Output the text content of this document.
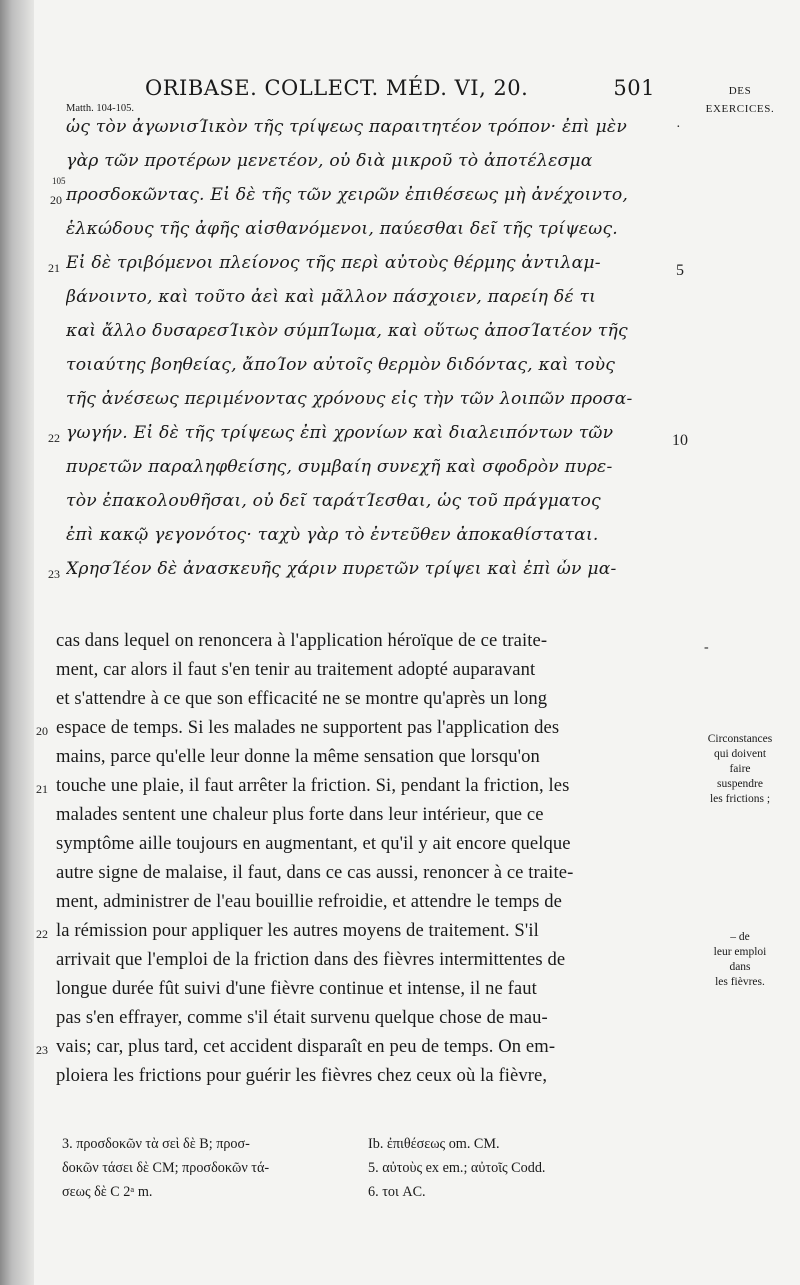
ORIBASE. COLLECT. MÉD. VI, 20.	501
Matth. 104-105.
DES
EXERCICES.
ὡς τὸν ἀγωνισΊικὸν τῆς τρίψεως παραιτητέον τρόπον· ἐπὶ μὲν
γὰρ τῶν προτέρων μενετέον, οὐ διὰ μικροῦ τὸ ἀποτέλεσμα
προσδοκῶντας. Εἰ δὲ τῆς τῶν χειρῶν ἐπιθέσεως μὴ ἀνέχοιντο,
ἑλκώδους τῆς ἀφῆς αἰσθανόμενοι, παύεσθαι δεῖ τῆς τρίψεως.
Εἰ δὲ τριβόμενοι πλείονος τῆς περὶ αὐτοὺς θέρμης ἀντιλαμ-
βάνοιντο, καὶ τοῦτο ἀεὶ καὶ μᾶλλον πάσχοιεν, παρείη δέ τι
καὶ ἄλλο δυσαρεσΊικὸν σύμπΊωμα, καὶ οὕτως ἀποσΊατέον τῆς
τοιαύτης βοηθείας, ἄποΊον αὐτοῖς θερμὸν διδόντας, καὶ τοὺς
τῆς ἀνέσεως περιμένοντας χρόνους εἰς τὴν τῶν λοιπῶν προσα-
γωγήν. Εἰ δὲ τῆς τρίψεως ἐπὶ χρονίων καὶ διαλειπόντων τῶν
πυρετῶν παραληφθείσης, συμβαίη συνεχῆ καὶ σφοδρὸν πυρε-
τὸν ἐπακολουθῆσαι, οὐ δεῖ ταράτΊεσθαι, ὡς τοῦ πράγματος
ἐπὶ κακῷ γεγονότος· ταχὺ γὰρ τὸ ἐντεῦθεν ἀποκαθίσταται.
ΧρησΊέον δὲ ἀνασκευῆς χάριν πυρετῶν τρίψει καὶ ἐπὶ ὧν μα-
105
20
21
22
23
5
10
·
-
cas dans lequel on renoncera à l'application héroïque de ce traite-
ment, car alors il faut s'en tenir au traitement adopté auparavant
et s'attendre à ce que son efficacité ne se montre qu'après un long
espace de temps. Si les malades ne supportent pas l'application des
mains, parce qu'elle leur donne la même sensation que lorsqu'on
touche une plaie, il faut arrêter la friction. Si, pendant la friction, les
malades sentent une chaleur plus forte dans leur intérieur, que ce
symptôme aille toujours en augmentant, et qu'il y ait encore quelque
autre signe de malaise, il faut, dans ce cas aussi, renoncer à ce traite-
ment, administrer de l'eau bouillie refroidie, et attendre le temps de
la rémission pour appliquer les autres moyens de traitement. S'il
arrivait que l'emploi de la friction dans des fièvres intermittentes de
longue durée fût suivi d'une fièvre continue et intense, il ne faut
pas s'en effrayer, comme s'il était survenu quelque chose de mau-
vais; car, plus tard, cet accident disparaît en peu de temps. On em-
ploiera les frictions pour guérir les fièvres chez ceux où la fièvre,
20
21
22
23
Circonstances
qui doivent
faire
suspendre
les frictions ;
– de
leur emploi
dans
les fièvres.
3. προσδοκῶν τὰ σεὶ δὲ B; προσ-
δοκῶν τάσει δὲ CM; προσδοκῶν τά-
σεως δὲ C 2ᵃ m.
Ib. ἐπιθέσεως om. CM.
5. αὐτοὺς ex em.; αὐτοῖς Codd.
6. τοι AC.
